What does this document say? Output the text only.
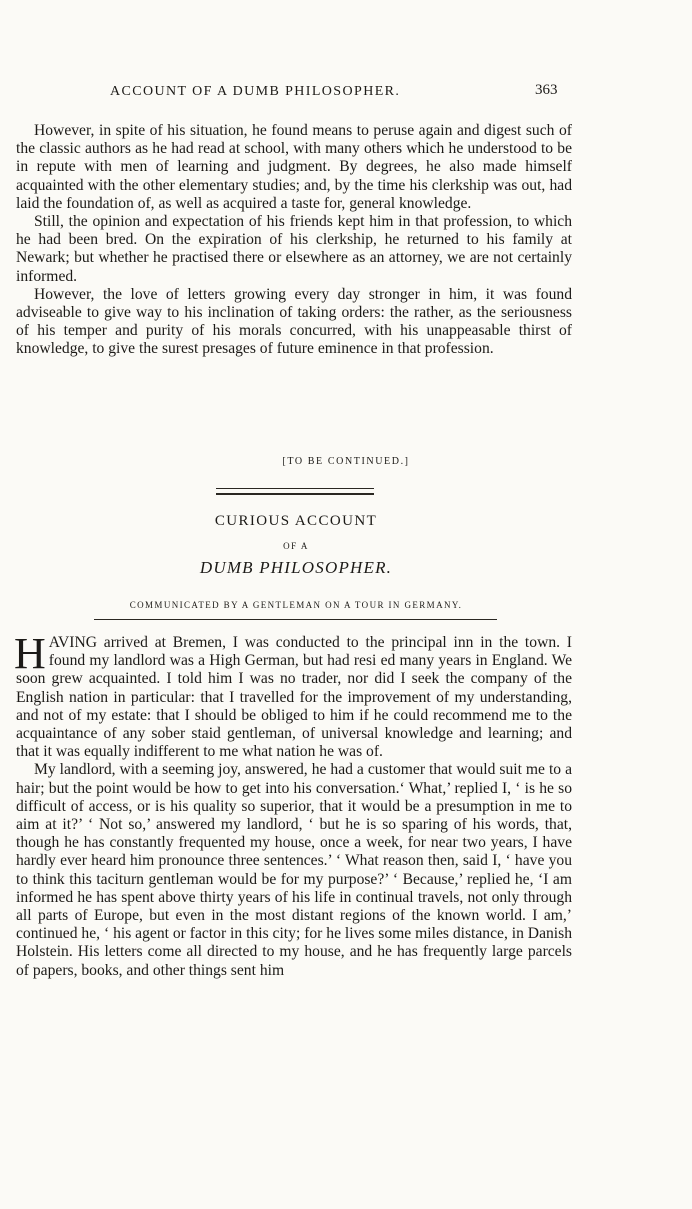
ACCOUNT OF A DUMB PHILOSOPHER.	363

However, in spite of his situation, he found means to peruse again and digest such of the classic authors as he had read at school, with many others which he understood to be in repute with men of learning and judgment. By degrees, he also made himself acquainted with the other elementary studies; and, by the time his clerkship was out, had laid the foundation of, as well as acquired a taste for, general knowledge.

Still, the opinion and expectation of his friends kept him in that profession, to which he had been bred. On the expiration of his clerkship, he returned to his family at Newark; but whether he practised there or elsewhere as an attorney, we are not certainly informed.

However, the love of letters growing every day stronger in him, it was found adviseable to give way to his inclination of taking orders: the rather, as the seriousness of his temper and purity of his morals concurred, with his unappeasable thirst of knowledge, to give the surest presages of future eminence in that profession.

[TO BE CONTINUED.]
CURIOUS ACCOUNT
OF A
DUMB PHILOSOPHER.
COMMUNICATED BY A GENTLEMAN ON A TOUR IN GERMANY.

HAVING arrived at Bremen, I was conducted to the principal inn in the town. I found my landlord was a High German, but had resi ed many years in England. We soon grew acquainted. I told him I was no trader, nor did I seek the company of the English nation in particular: that I travelled for the improvement of my understanding, and not of my estate: that I should be obliged to him if he could recommend me to the acquaintance of any sober staid gentleman, of universal knowledge and learning; and that it was equally indifferent to me what nation he was of.

My landlord, with a seeming joy, answered, he had a customer that would suit me to a hair; but the point would be how to get into his conversation.‘ What,’ replied I, ‘ is he so difficult of access, or is his quality so superior, that it would be a presumption in me to aim at it?’ ‘ Not so,’ answered my landlord, ‘ but he is so sparing of his words, that, though he has constantly frequented my house, once a week, for near two years, I have hardly ever heard him pronounce three sentences.’ ‘ What reason then, said I, ‘ have you to think this taciturn gentleman would be for my purpose?’ ‘ Because,’ replied he, ‘I am informed he has spent above thirty years of his life in continual travels, not only through all parts of Europe, but even in the most distant regions of the known world. I am,’ continued he, ‘ his agent or factor in this city; for he lives some miles distance, in Danish Holstein. His letters come all directed to my house, and he has frequently large parcels of papers, books, and other things sent him
